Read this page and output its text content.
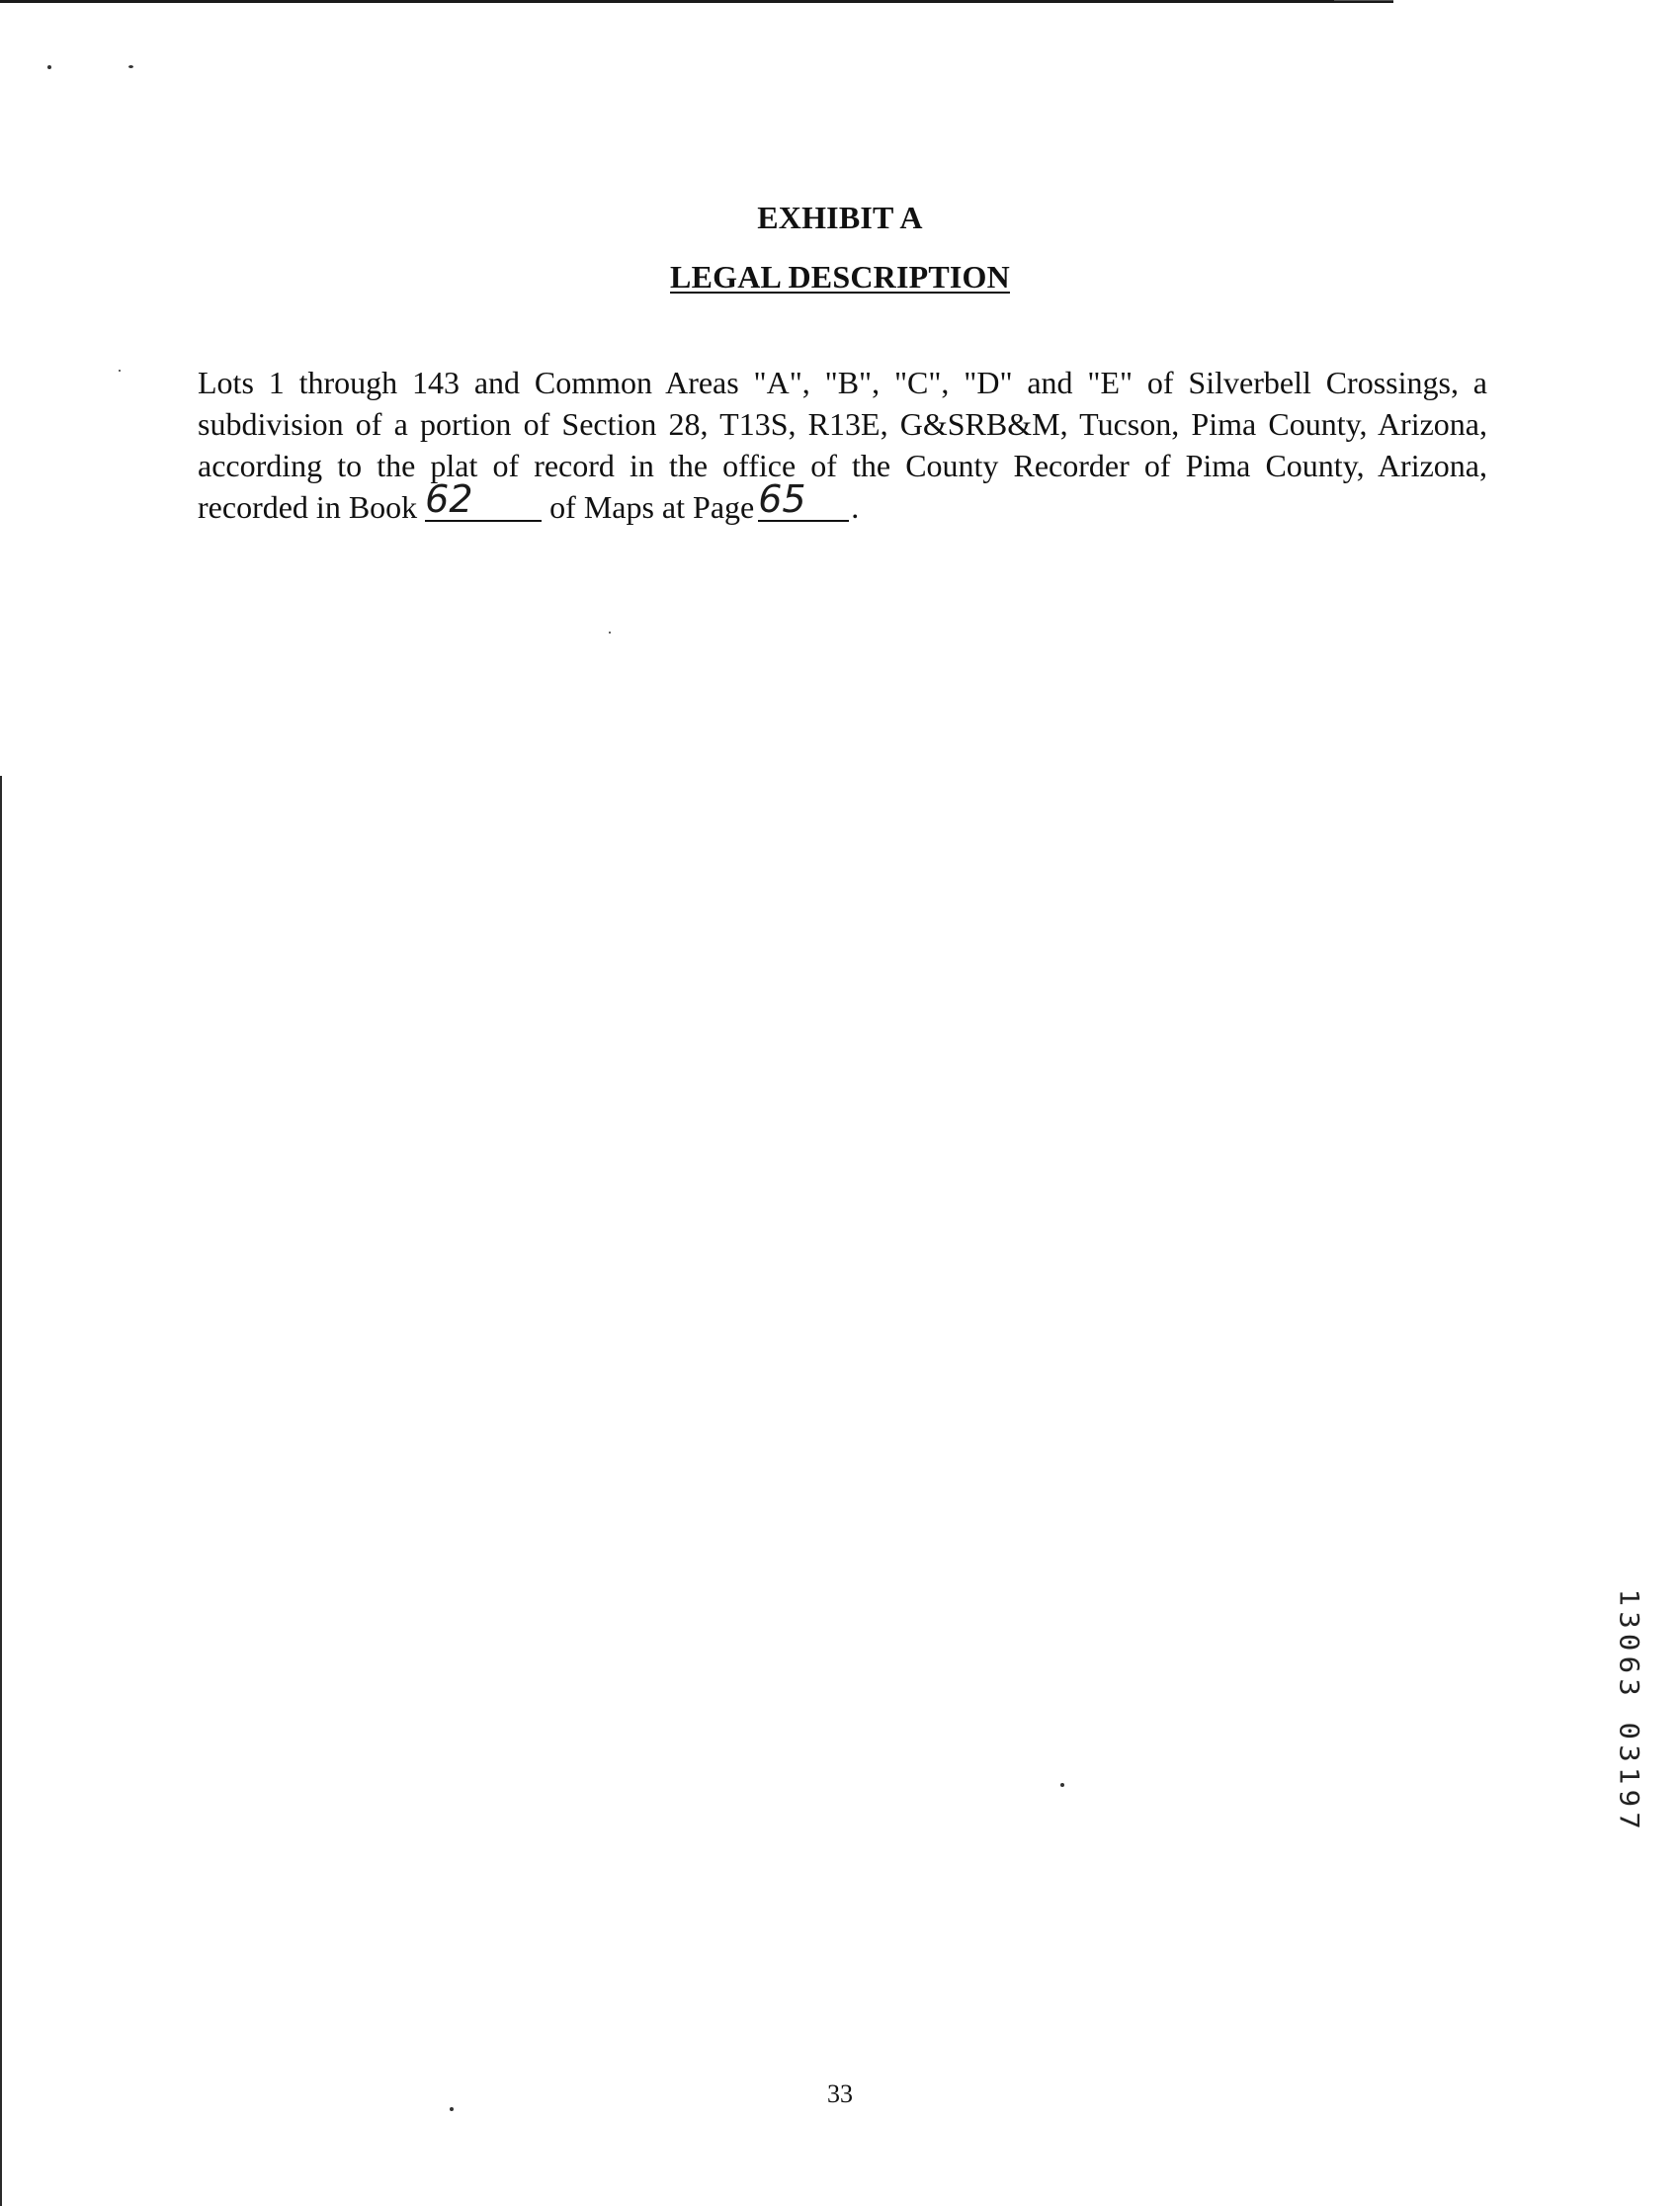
EXHIBIT A
LEGAL DESCRIPTION
Lots 1 through 143 and Common Areas "A", "B", "C", "D" and "E" of Silverbell Crossings, a
subdivision of a portion of Section 28, T13S, R13E, G&SRB&M, Tucson, Pima County, Arizona,
according to the plat of record in the office of the County Recorder of Pima County, Arizona,
recorded in Book 62 of Maps at Page 65 .
1
3
0
6
3
0
3
1
9
7
33
